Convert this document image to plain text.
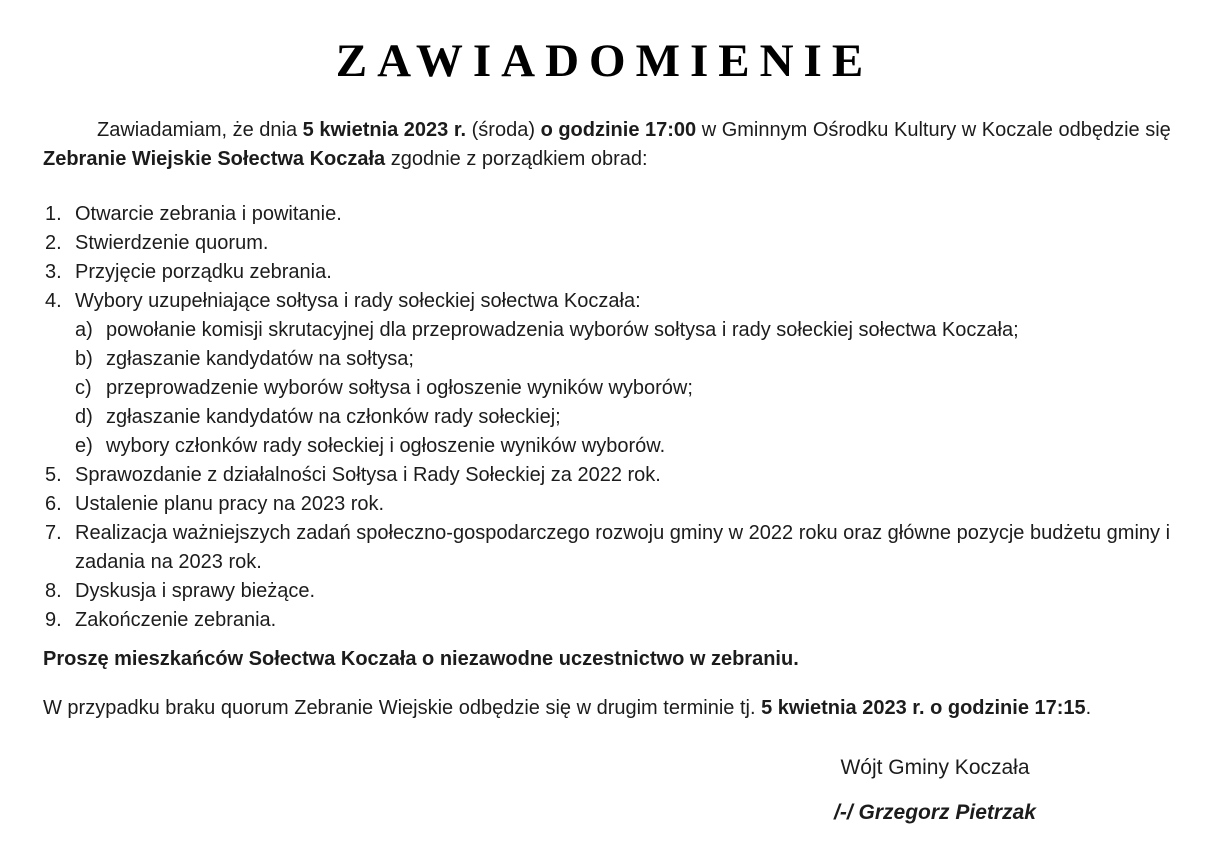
ZAWIADOMIENIE

Zawiadamiam, że dnia 5 kwietnia 2023 r. (środa) o godzinie 17:00 w Gminnym Ośrodku Kultury w Koczale odbędzie się Zebranie Wiejskie Sołectwa Koczała zgodnie z porządkiem obrad:

1. Otwarcie zebrania i powitanie.
2. Stwierdzenie quorum.
3. Przyjęcie porządku zebrania.
4. Wybory uzupełniające sołtysa i rady sołeckiej sołectwa Koczała:
a) powołanie komisji skrutacyjnej dla przeprowadzenia wyborów sołtysa i rady sołeckiej sołectwa Koczała;
b) zgłaszanie kandydatów na sołtysa;
c) przeprowadzenie wyborów sołtysa i ogłoszenie wyników wyborów;
d) zgłaszanie kandydatów na członków rady sołeckiej;
e) wybory członków rady sołeckiej i ogłoszenie wyników wyborów.
5. Sprawozdanie z działalności Sołtysa i Rady Sołeckiej za 2022 rok.
6. Ustalenie planu pracy na 2023 rok.
7. Realizacja ważniejszych zadań społeczno-gospodarczego rozwoju gminy w 2022 roku oraz główne pozycje budżetu gminy i zadania na 2023 rok.
8. Dyskusja i sprawy bieżące.
9. Zakończenie zebrania.

Proszę mieszkańców Sołectwa Koczała o niezawodne uczestnictwo w zebraniu.

W przypadku braku quorum Zebranie Wiejskie odbędzie się w drugim terminie tj. 5 kwietnia 2023 r. o godzinie 17:15.

Wójt Gminy Koczała
/-/ Grzegorz Pietrzak
